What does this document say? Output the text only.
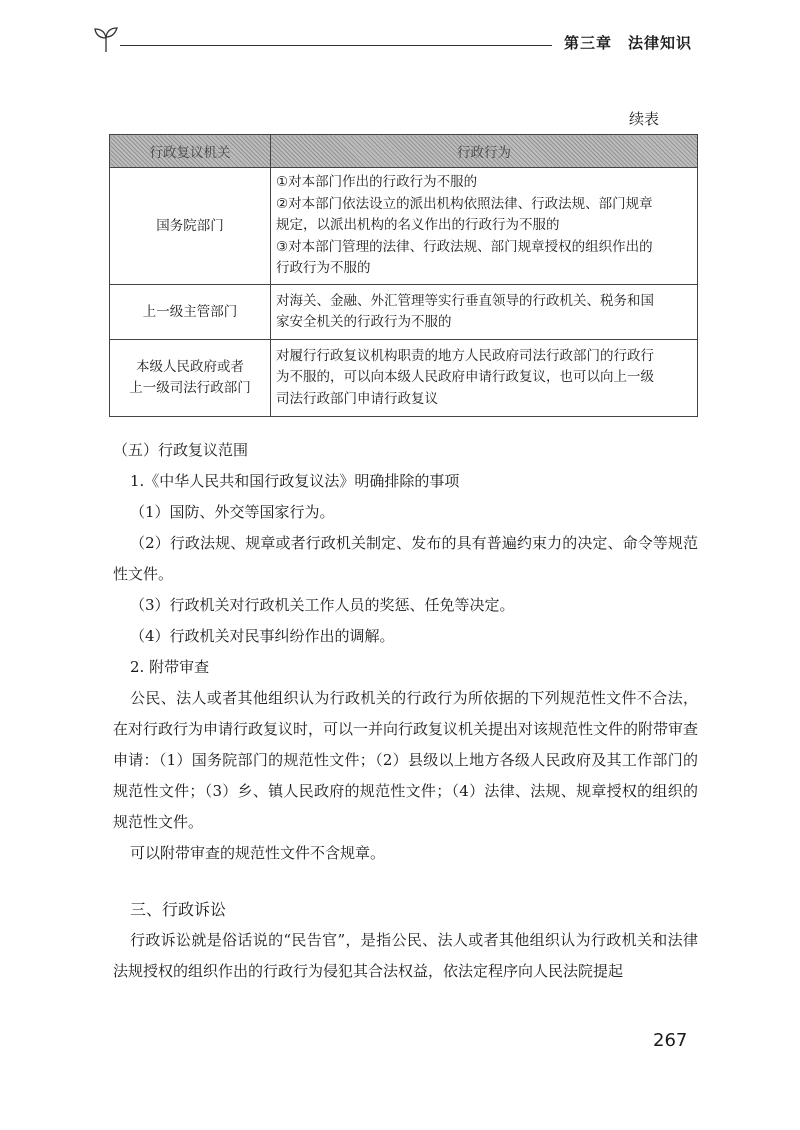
第三章　法律知识
续表
行政复议机关	行政行为

国务院部门	①对本部门作出的行政行为不服的
②对本部门依法设立的派出机构依照法律、行政法规、部门规章
规定，以派出机构的名义作出的行政行为不服的
③对本部门管理的法律、行政法规、部门规章授权的组织作出的
行政行为不服的

上一级主管部门	对海关、金融、外汇管理等实行垂直领导的行政机关、税务和国
家安全机关的行政行为不服的

本级人民政府或者
上一级司法行政部门	对履行行政复议机构职责的地方人民政府司法行政部门的行政行
为不服的，可以向本级人民政府申请行政复议，也可以向上一级
司法行政部门申请行政复议

（五）行政复议范围

1.《中华人民共和国行政复议法》明确排除的事项

（1）国防、外交等国家行为。

（2）行政法规、规章或者行政机关制定、发布的具有普遍约束力的决定、命令等规范性文件。

（3）行政机关对行政机关工作人员的奖惩、任免等决定。

（4）行政机关对民事纠纷作出的调解。

2. 附带审查

公民、法人或者其他组织认为行政机关的行政行为所依据的下列规范性文件不合法，在对行政行为申请行政复议时，可以一并向行政复议机关提出对该规范性文件的附带审查申请：（1）国务院部门的规范性文件；（2）县级以上地方各级人民政府及其工作部门的规范性文件；（3）乡、镇人民政府的规范性文件；（4）法律、法规、规章授权的组织的规范性文件。

可以附带审查的规范性文件不含规章。

三、行政诉讼

行政诉讼就是俗话说的“民告官”，是指公民、法人或者其他组织认为行政机关和法律法规授权的组织作出的行政行为侵犯其合法权益，依法定程序向人民法院提起

267
